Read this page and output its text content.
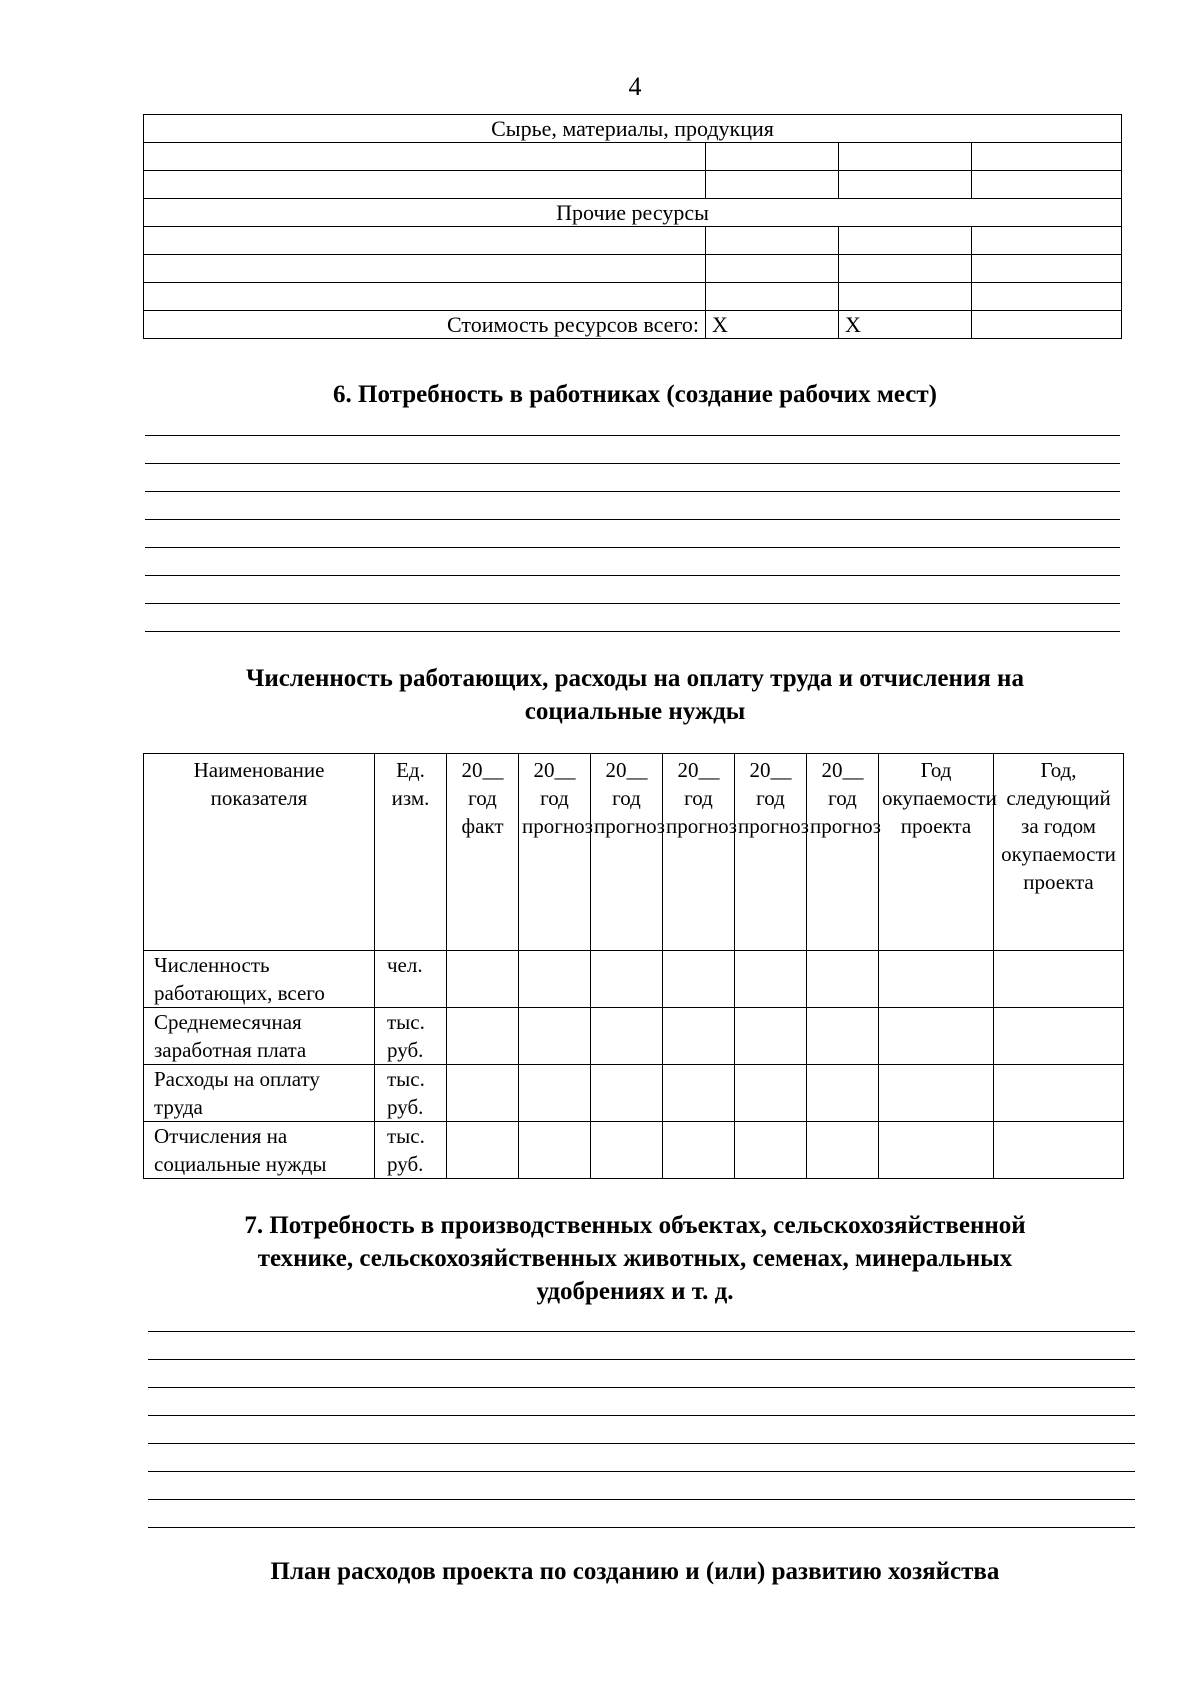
4
Сырье, материалы, продукция			

Прочие ресурсы			

Стоимость ресурсов всего:	Х	Х	
6. Потребность в работниках (создание рабочих мест)
Численность работающих, расходы на оплату труда и отчисления на
социальные нужды
Наименование показателя	Ед. изм.	20__ год факт	20__ год прогноз	20__ год прогноз	20__ год прогноз	20__ год прогноз	20__ год прогноз	Год окупаемости проекта	Год, следующий за годом окупаемости проекта
Численность работающих, всего	чел.								
Среднемесячная заработная плата	тыс. руб.								
Расходы на оплату труда	тыс. руб.								
Отчисления на социальные нужды	тыс. руб.								
7. Потребность в производственных объектах, сельскохозяйственной
технике, сельскохозяйственных животных, семенах, минеральных
удобрениях и т. д.
План расходов проекта по созданию и (или) развитию хозяйства
